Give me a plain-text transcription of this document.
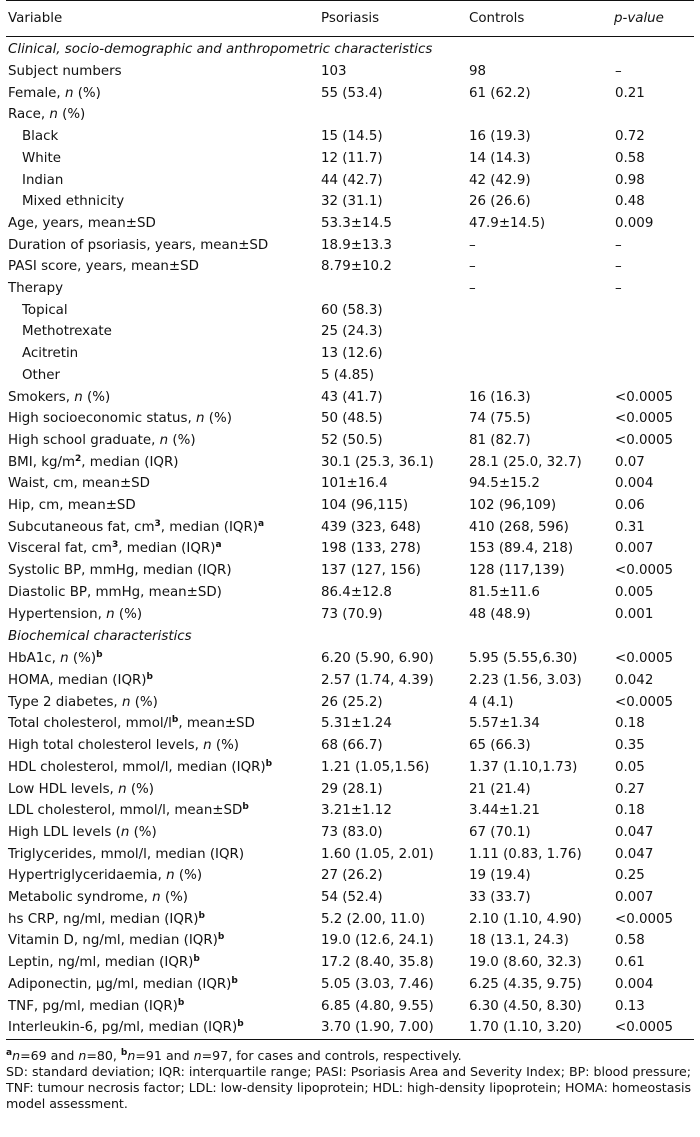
Variable	Psoriasis	Controls	p-value
Clinical, socio-demographic and anthropometric characteristics			
Subject numbers	103	98	–
Female, n (%)	55 (53.4)	61 (62.2)	0.21
Race, n (%)			
Black	15 (14.5)	16 (19.3)	0.72
White	12 (11.7)	14 (14.3)	0.58
Indian	44 (42.7)	42 (42.9)	0.98
Mixed ethnicity	32 (31.1)	26 (26.6)	0.48
Age, years, mean±SD	53.3±14.5	47.9±14.5)	0.009
Duration of psoriasis, years, mean±SD	18.9±13.3	–	–
PASI score, years, mean±SD	8.79±10.2	–	–
Therapy		–	–
Topical	60 (58.3)		
Methotrexate	25 (24.3)		
Acitretin	13 (12.6)		
Other	5 (4.85)		
Smokers, n (%)	43 (41.7)	16 (16.3)	<0.0005
High socioeconomic status, n (%)	50 (48.5)	74 (75.5)	<0.0005
High school graduate, n (%)	52 (50.5)	81 (82.7)	<0.0005
BMI, $kg/m^2$, median (IQR)	30.1 (25.3, 36.1)	28.1 (25.0, 32.7)	0.07
Waist, cm, mean±SD	101±16.4	94.5±15.2	0.004
Hip, cm, mean±SD	104 (96,115)	102 (96,109)	0.06
Subcutaneous fat, $cm^3$, median (IQR)$^a$	439 (323, 648)	410 (268, 596)	0.31
Visceral fat, $cm^3$, median (IQR)$^a$	198 (133, 278)	153 (89.4, 218)	0.007
Systolic BP, mmHg, median (IQR)	137 (127, 156)	128 (117,139)	<0.0005
Diastolic BP, mmHg, mean±SD)	86.4±12.8	81.5±11.6	0.005
Hypertension, n (%)	73 (70.9)	48 (48.9)	0.001
Biochemical characteristics			
HbA1c, n (%)$^b$	6.20 (5.90, 6.90)	5.95 (5.55,6.30)	<0.0005
HOMA, median (IQR)$^b$	2.57 (1.74, 4.39)	2.23 (1.56, 3.03)	0.042
Type 2 diabetes, n (%)	26 (25.2)	4 (4.1)	<0.0005
Total cholesterol, mmol/$l^b$, mean±SD	5.31±1.24	5.57±1.34	0.18
High total cholesterol levels, n (%)	68 (66.7)	65 (66.3)	0.35
HDL cholesterol, mmol/l, median (IQR)$^b$	1.21 (1.05,1.56)	1.37 (1.10,1.73)	0.05
Low HDL levels, n (%)	29 (28.1)	21 (21.4)	0.27
LDL cholesterol, mmol/l, $mean\pm SD^b$	3.21±1.12	3.44±1.21	0.18
High LDL levels (n (%)	73 (83.0)	67 (70.1)	0.047
Triglycerides, mmol/l, median (IQR)	1.60 (1.05, 2.01)	1.11 (0.83, 1.76)	0.047
Hypertriglyceridaemia, n (%)	27 (26.2)	19 (19.4)	0.25
Metabolic syndrome, n (%)	54 (52.4)	33 (33.7)	0.007
hs CRP, ng/ml, median (IQR)$^b$	5.2 (2.00, 11.0)	2.10 (1.10, 4.90)	<0.0005
Vitamin D, ng/ml, median (IQR)$^b$	19.0 (12.6, 24.1)	18 (13.1, 24.3)	0.58
Leptin, ng/ml, median (IQR)$^b$	17.2 (8.40, 35.8)	19.0 (8.60, 32.3)	0.61
Adiponectin, μg/ml, median (IQR)$^b$	5.05 (3.03, 7.46)	6.25 (4.35, 9.75)	0.004
TNF, pg/ml, median (IQR)$^b$	6.85 (4.80, 9.55)	6.30 (4.50, 8.30)	0.13
Interleukin-6, pg/ml, median (IQR)$^b$	3.70 (1.90, 7.00)	1.70 (1.10, 3.20)	<0.0005
$^a$n=69 and n=80, $^b$n=91 and n=97, for cases and controls, respectively.
SD: standard deviation; IQR: interquartile range; PASI: Psoriasis Area and Severity Index; BP: blood pressure; TNF: tumour necrosis factor; LDL: low-density lipoprotein; HDL: high-density lipoprotein; HOMA: homeostasis model assessment.
